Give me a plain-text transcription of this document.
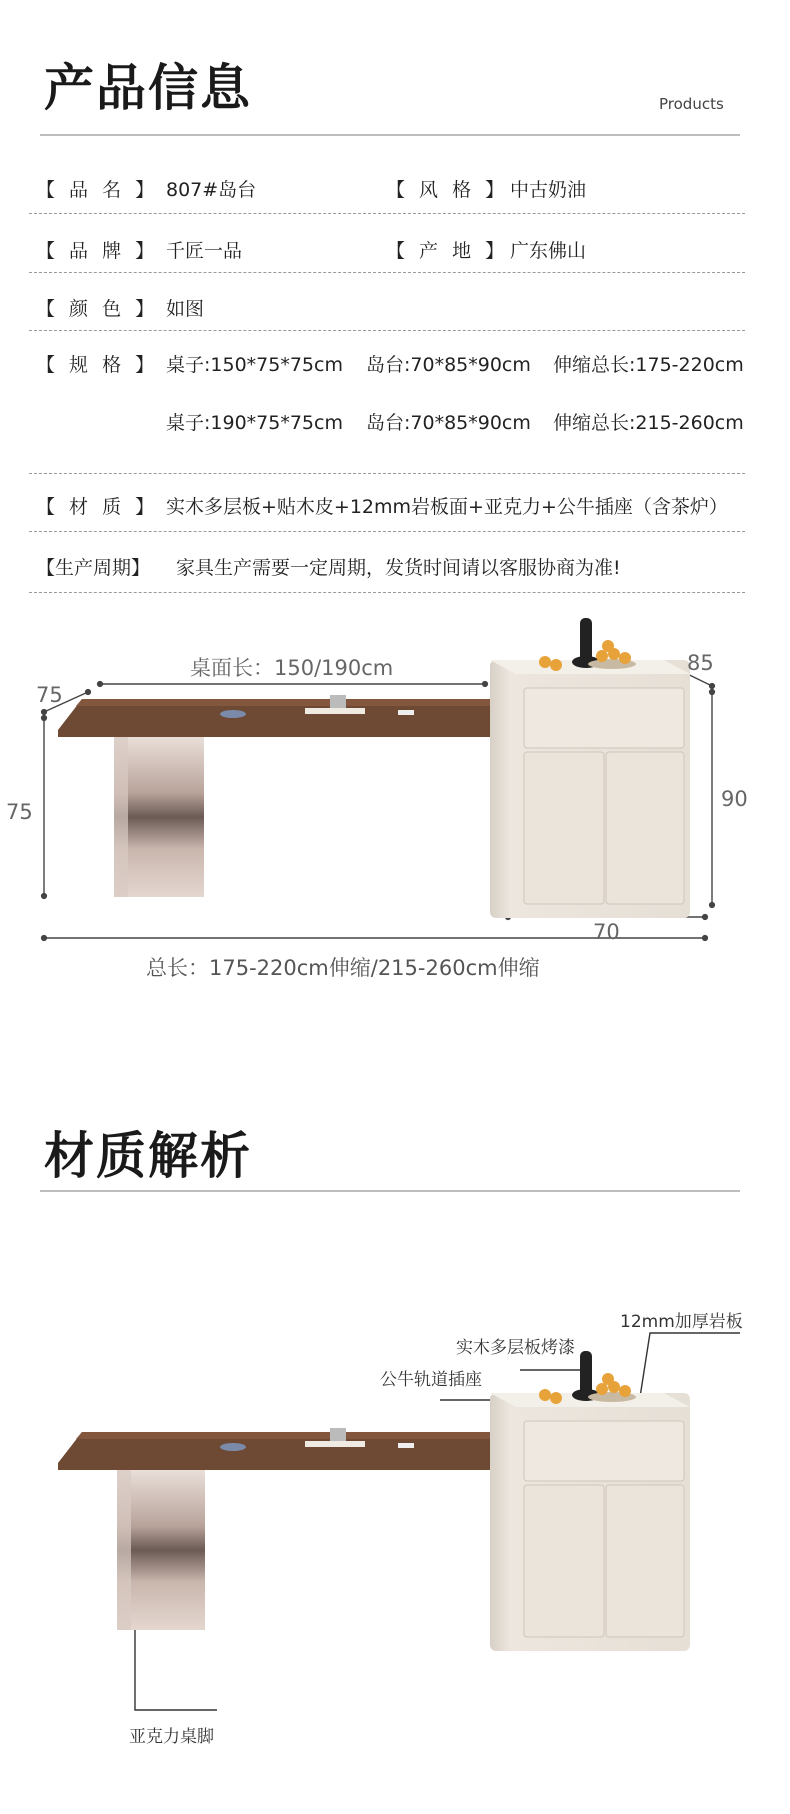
产品信息	Products
【 品 名 】 807#岛台	【 风 格 】 中古奶油
【 品 牌 】 千匠一品	【 产 地 】 广东佛山
【 颜 色 】 如图
【 规 格 】 桌子:150*75*75cm 岛台:70*85*90cm 伸缩总长:175-220cm
桌子:190*75*75cm 岛台:70*85*90cm 伸缩总长:215-260cm
【 材 质 】 实木多层板+贴木皮+12mm岩板面+亚克力+公牛插座（含茶炉）
【生产周期】 家具生产需要一定周期，发货时间请以客服协商为准!
桌面长：150/190cm
75
75
85
90
70
总长：175-220cm伸缩/215-260cm伸缩
材质解析
12mm加厚岩板
实木多层板烤漆
公牛轨道插座
亚克力桌脚
